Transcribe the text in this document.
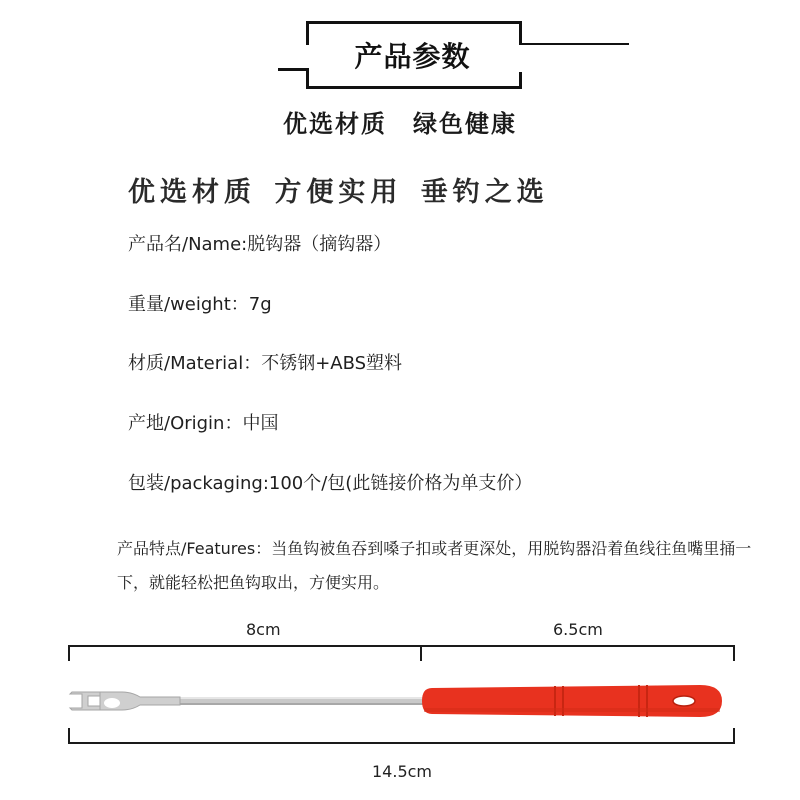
产品参数
优选材质　绿色健康
优选材质 方便实用 垂钓之选
产品名/Name:脱钩器（摘钩器）
重量/weight：7g
材质/Material：不锈钢+ABS塑料
产地/Origin：中国
包装/packaging:100个/包(此链接价格为单支价）
产品特点/Features：当鱼钩被鱼吞到嗓子扣或者更深处，用脱钩器沿着鱼线往鱼嘴里捅一下，就能轻松把鱼钩取出，方便实用。
8cm	6.5cm
14.5cm
